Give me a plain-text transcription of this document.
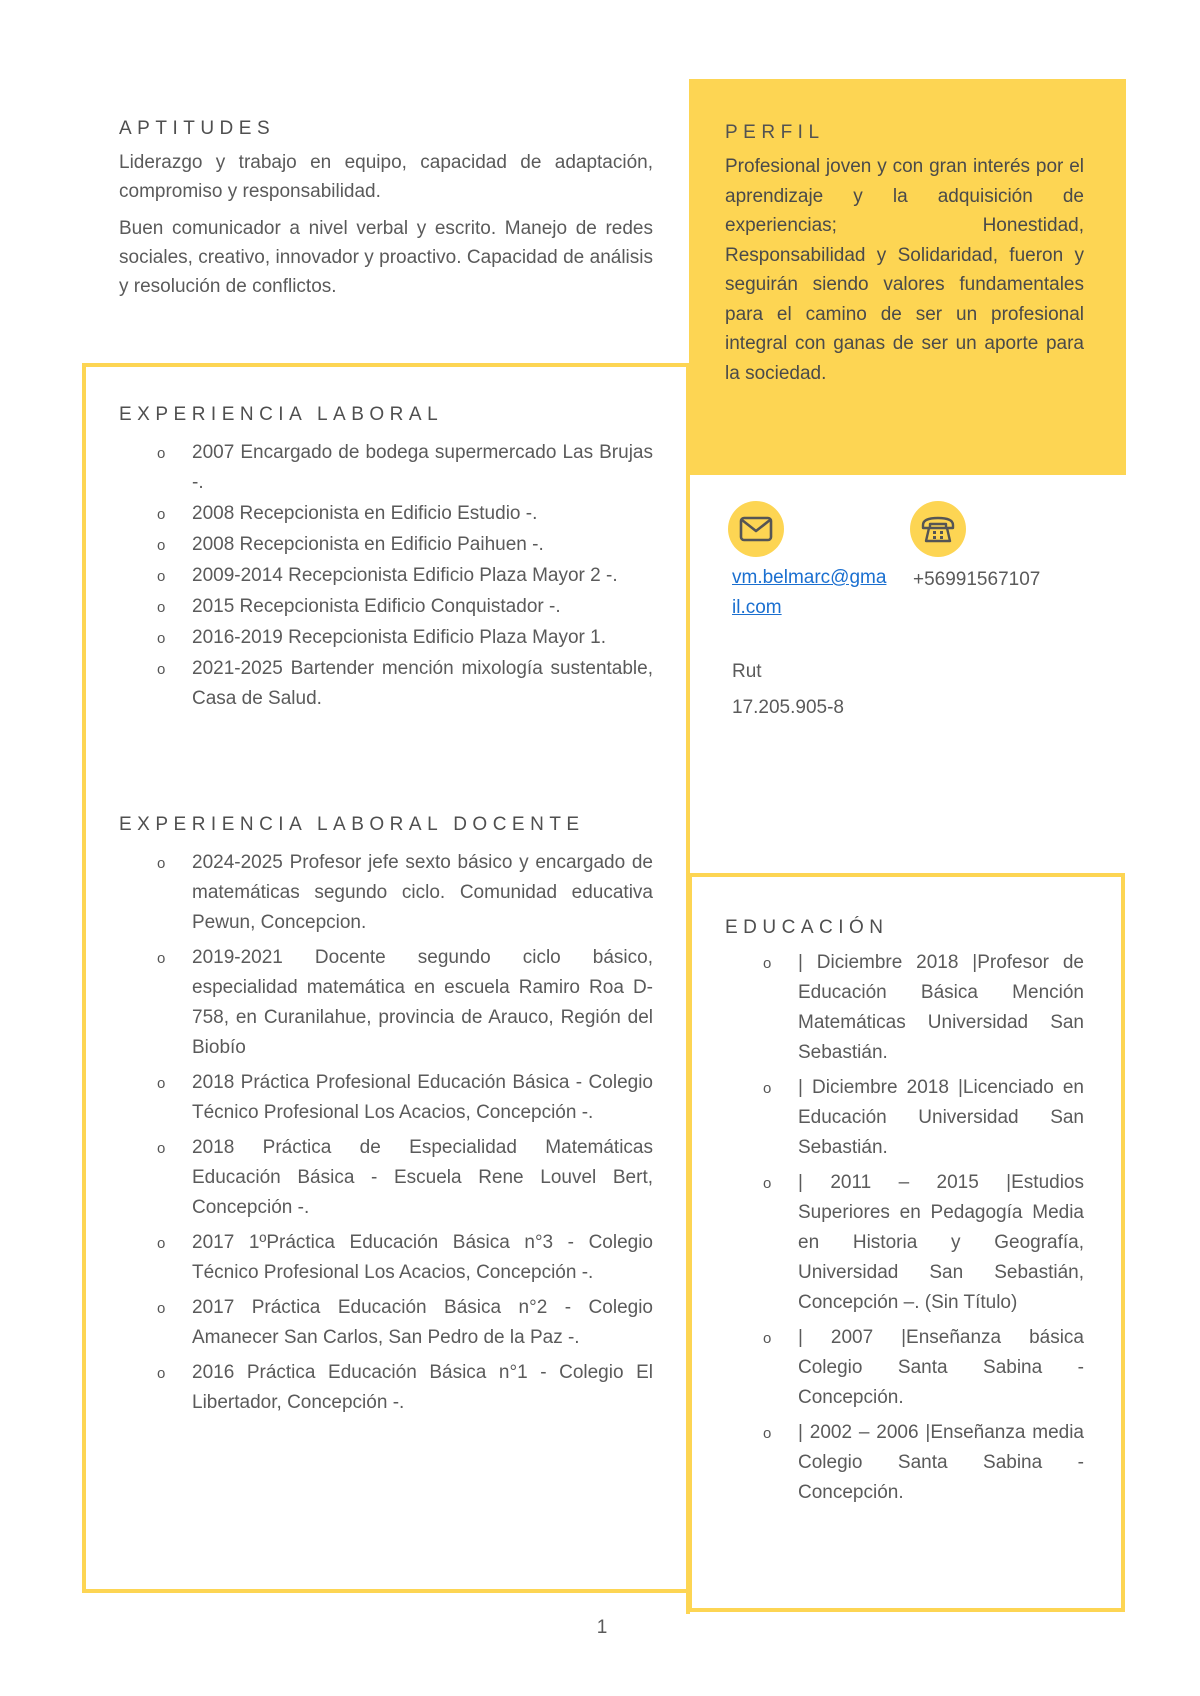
APTITUDES

Liderazgo y trabajo en equipo, capacidad de adaptación, compromiso y responsabilidad.

Buen comunicador a nivel verbal y escrito. Manejo de redes sociales, creativo, innovador y proactivo. Capacidad de análisis y resolución de conflictos.

PERFIL

Profesional joven y con gran interés por el aprendizaje y la adquisición de experiencias; Honestidad, Responsabilidad y Solidaridad, fueron y seguirán siendo valores fundamentales para el camino de ser un profesional integral con ganas de ser un aporte para la sociedad.

EXPERIENCIA LABORAL
o 2007 Encargado de bodega supermercado Las Brujas -.
o 2008 Recepcionista en Edificio Estudio -.
o 2008 Recepcionista en Edificio Paihuen -.
o 2009-2014 Recepcionista Edificio Plaza Mayor 2 -.
o 2015 Recepcionista Edificio Conquistador -.
o 2016-2019 Recepcionista Edificio Plaza Mayor 1.
o 2021-2025 Bartender mención mixología sustentable, Casa de Salud.
EXPERIENCIA LABORAL DOCENTE
o 2024-2025 Profesor jefe sexto básico y encargado de matemáticas segundo ciclo. Comunidad educativa Pewun, Concepcion.
o 2019-2021 Docente segundo ciclo básico, especialidad matemática en escuela Ramiro Roa D-758, en Curanilahue, provincia de Arauco, Región del Biobío
o 2018 Práctica Profesional Educación Básica - Colegio Técnico Profesional Los Acacios, Concepción -.
o 2018 Práctica de Especialidad Matemáticas Educación Básica - Escuela Rene Louvel Bert, Concepción -.
o 2017 1ºPráctica Educación Básica n°3 - Colegio Técnico Profesional Los Acacios, Concepción -.
o 2017 Práctica Educación Básica n°2 - Colegio Amanecer San Carlos, San Pedro de la Paz -.
o 2016 Práctica Educación Básica n°1 - Colegio El Libertador, Concepción -.
vm.belmarc@gmail.com
+56991567107
Rut
17.205.905-8
EDUCACIÓN
o | Diciembre 2018 |Profesor de Educación Básica Mención Matemáticas Universidad San Sebastián.
o | Diciembre 2018 |Licenciado en Educación Universidad San Sebastián.
o | 2011 – 2015 |Estudios Superiores en Pedagogía Media en Historia y Geografía, Universidad San Sebastián, Concepción –. (Sin Título)
o | 2007 |Enseñanza básica Colegio Santa Sabina - Concepción.
o | 2002 – 2006 |Enseñanza media Colegio Santa Sabina - Concepción.
1
